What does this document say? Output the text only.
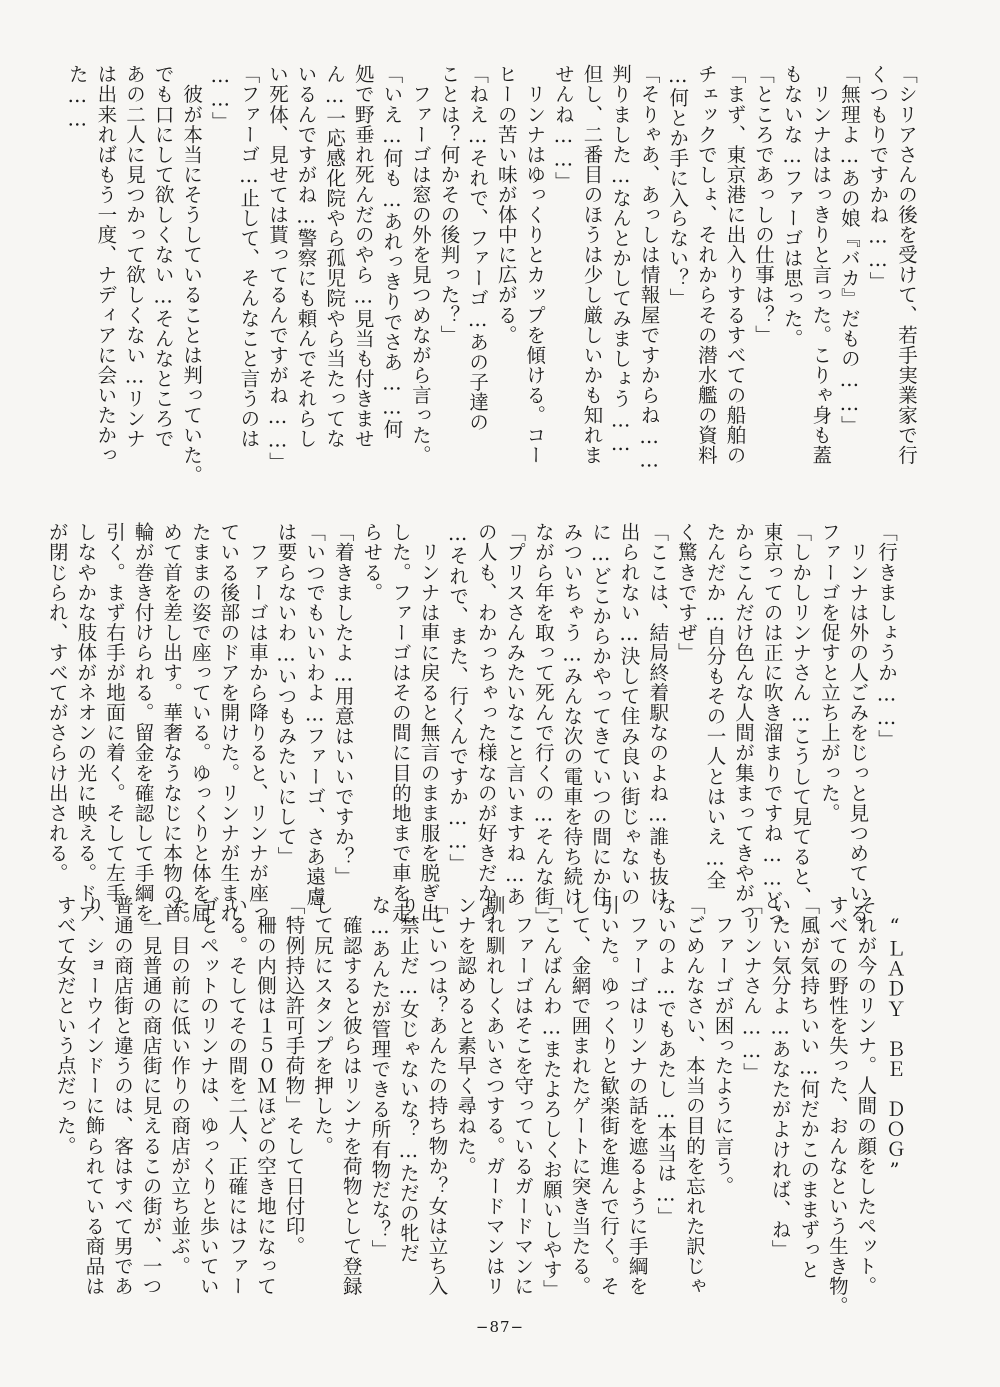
「シリアさんの後を受けて、若手実業家で行
くつもりですかね……」
「無理よ…あの娘『バカ』だもの……」
　リンナははっきりと言った。こりゃ身も蓋
もないな…ファーゴは思った。
「ところであっしの仕事は？」
「まず、東京港に出入りするすべての船舶の
チェックでしょ、それからその潜水艦の資料
…何とか手に入らない？」
「そりゃあ、あっしは情報屋ですからね……
判りました…なんとかしてみましょう……
但し、二番目のほうは少し厳しいかも知れま
せんね……」
　リンナはゆっくりとカップを傾ける。コー
ヒーの苦い味が体中に広がる。
「ねえ…それで、ファーゴ…あの子達の
ことは？何かその後判った？」
　ファーゴは窓の外を見つめながら言った。
「いえ…何も…あれっきりでさあ……何
処で野垂れ死んだのやら…見当も付きませ
ん…一応感化院やら孤児院やら当たってな
いるんですがね…警察にも頼んでそれらし
い死体、見せては貰ってるんですがね……」
「ファーゴ…止して、そんなこと言うのは
……」
　彼が本当にそうしていることは判っていた。
でも口にして欲しくない…そんなところで
あの二人に見つかって欲しくない…リンナ
は出来ればもう一度、ナディアに会いたかっ
た……

「行きましょうか……」
　リンナは外の人ごみをじっと見つめている
ファーゴを促すと立ち上がった。
「しかしリンナさん…こうして見てると、
東京ってのは正に吹き溜まりですね……どっ
からこんだけ色んな人間が集まってきやがっ
たんだか…自分もその一人とはいえ…全
く驚きですぜ」
「ここは、結局終着駅なのよね…誰も抜け
出られない…決して住み良い街じゃないの
に…どこからかやってきていつの間にか住
みついちゃう…みんな次の電車を待ち続け
ながら年を取って死んで行くの…そんな街」
「プリスさんみたいなこと言いますね…あ
の人も、わかっちゃった様なのが好きだから
…それで、また、行くんですか……」
　リンナは車に戻ると無言のまま服を脱ぎ出
した。ファーゴはその間に目的地まで車を走
らせる。
「着きましたよ…用意はいいですか？」
「いつでもいいわよ…ファーゴ、さあ遠慮
は要らないわ…いつもみたいにして」
　ファーゴは車から降りると、リンナが座っ
ている後部のドアを開けた。リンナが生まれ
たままの姿で座っている。ゆっくりと体を屈
めて首を差し出す。華奢なうなじに本物の首
輪が巻き付けられる。留金を確認して手綱を
引く。まず右手が地面に着く。そして左手。
しなやかな肢体がネオンの光に映える。ドア
が閉じられ、すべてがさらけ出される。

　“ＬＡＤＹ　ＢＥ　ＤＯＧ”
それが今のリンナ。人間の顔をしたペット。
すべての野性を失った、おんなという生き物。
「風が気持ちいい…何だかこのままずっと
いたい気分よ…あなたがよければ、ね」
「リンナさん……」
　ファーゴが困ったように言う。
「ごめんなさい、本当の目的を忘れた訳じゃ
ないのよ…でもあたし…本当は…」
　ファーゴはリンナの話を遮るように手綱を
引いた。ゆっくりと歓楽街を進んで行く。そ
して、金網で囲まれたゲートに突き当たる。
「こんばんわ…またよろしくお願いしやす」
　ファーゴはそこを守っているガードマンに
馴れ馴れしくあいさつする。ガードマンはリ
ンナを認めると素早く尋ねた。
「こいつは？あんたの持ち物か？女は立ち入
り禁止だ…女じゃないな？…ただの牝だ
な…あんたが管理できる所有物だな？」
　確認すると彼らはリンナを荷物として登録
して尻にスタンプを押した。
「特例持込許可手荷物」そして日付印。
　柵の内側は１５０Ｍほどの空き地になって
いる。そしてその間を二人、正確にはファー
ゴとペットのリンナは、ゆっくりと歩いてい
た。目の前に低い作りの商店が立ち並ぶ。
　一見普通の商店街に見えるこの街が、一つ
普通の商店街と違うのは、客はすべて男であ
り、ショーウインドーに飾られている商品は
すべて女だという点だった。

−87−
